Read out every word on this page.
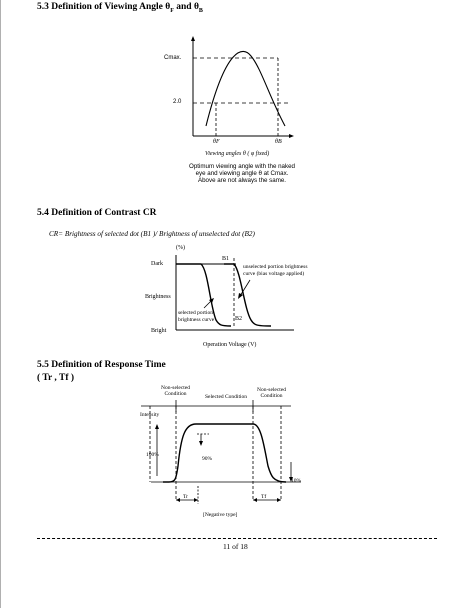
5.3 Definition of Viewing Angle $\theta_F$ and $\theta_B$
Cmax.
2.0
θF	θB
Viewing angles θ ( φ fixed)
Optimum viewing angle with the naked
eye and viewing angle θ at Cmax.
Above are not always the same.
5.4 Definition of Contrast CR
CR= Brightness of selected dot (B1 )/ Brightness of unselected dot (B2)
(%)
Dark
Brightness
Bright
B1
B2
unselected portion brightness
curve (bias voltage applied)
selected portion
brightness curve
Operation Voltage (V)
5.5 Definition of Response Time
( Tr , Tf )
Non-selected
Condition	Selected Condition
Non-selected
Condition
Intensity
100%
90%
10%
Tr	Tf
[Negative type]
11 of 18
